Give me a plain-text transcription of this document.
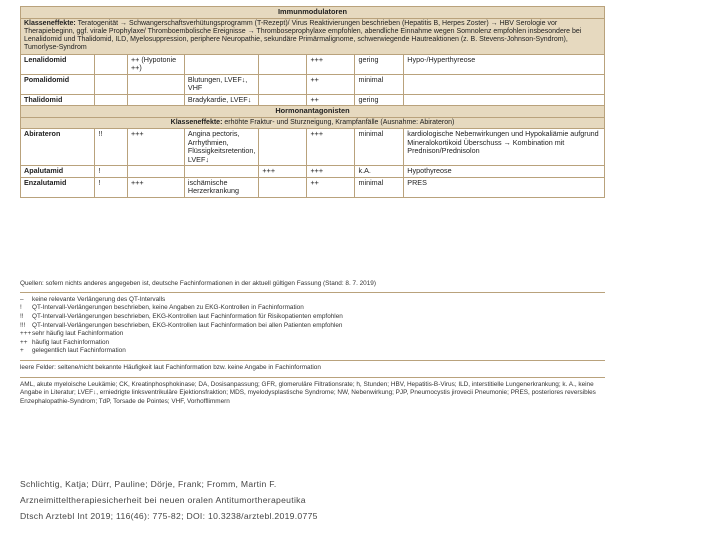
Immunmodulatoren							
Klasseneffekte: Teratogenität → Schwangerschaftsverhütungsprogramm (T-Rezept)/ Virus Reaktivierungen beschrieben (Hepatitis B, Herpes Zoster) → HBV Serologie vor Therapiebeginn, ggf. virale Prophylaxe/ Thromboembolische Ereignisse → Thromboseprophylaxe empfohlen, abendliche Einnahme wegen Somnolenz empfohlen insbesondere bei Lenalidomid und Thalidomid, ILD, Myelosuppression, periphere Neuropathie, sekundäre Primärmalignome, schwerwiegende Hautreaktionen (z. B. Stevens-Johnson-Syndrom), Tumorlyse-Syndrom							
Lenalidomid		++ (Hypotonie ++)			+++	gering	Hypo-/Hyperthyreose
Pomalidomid			Blutungen, LVEF↓, VHF		++	minimal	
Thalidomid			Bradykardie, LVEF↓		++	gering	
Hormonantagonisten							
Klasseneffekte: erhöhte Fraktur- und Sturzneigung, Krampfanfälle (Ausnahme: Abirateron)							
Abirateron	!!	+++	Angina pectoris, Arrhythmien, Flüssigkeitsretention, LVEF↓		+++	minimal	kardiologische Nebenwirkungen und Hypokaliämie aufgrund Mineralokortikoid Überschuss → Kombination mit Prednison/Prednisolon
Apalutamid	!			+++	+++	k.A.	Hypothyreose
Enzalutamid	!	+++	ischämische Herzerkrankung		++	minimal	PRES
Quellen: sofern nichts anderes angegeben ist, deutsche Fachinformationen in der aktuell gültigen Fassung (Stand: 8. 7. 2019)
–	keine relevante Verlängerung des QT-Intervalls
!	QT-Intervall-Verlängerungen beschrieben, keine Angaben zu EKG-Kontrollen in Fachinformation
!!	QT-Intervall-Verlängerungen beschrieben, EKG-Kontrollen laut Fachinformation für Risikopatienten empfohlen
!!!	QT-Intervall-Verlängerungen beschrieben, EKG-Kontrollen laut Fachinformation bei allen Patienten empfohlen
+++ sehr häufig laut Fachinformation
++ häufig laut Fachinformation
+	gelegentlich laut Fachinformation
leere Felder: seltene/nicht bekannte Häufigkeit laut Fachinformation bzw. keine Angabe in Fachinformation
AML, akute myeloische Leukämie; CK, Kreatinphosphokinase; DA, Dosisanpassung; GFR, glomeruläre Filtrationsrate; h, Stunden; HBV, Hepatitis-B-Virus; ILD, interstitielle Lungenerkrankung; k. A., keine Angabe in Literatur; LVEF↓, erniedrigte linksventrikuläre Ejektionsfraktion; MDS, myelodysplastische Syndrome; NW, Nebenwirkung; PJP, Pneumocystis jirovecii Pneumonie; PRES, posteriores reversibles Enzephalopathie-Syndrom; TdP, Torsade de Pointes; VHF, Vorhofflimmern
Schlichtig, Katja; Dürr, Pauline; Dörje, Frank; Fromm, Martin F.
Arzneimitteltherapiesicherheit bei neuen oralen Antitumortherapeutika
Dtsch Arztebl Int 2019; 116(46): 775-82; DOI: 10.3238/arztebl.2019.0775
